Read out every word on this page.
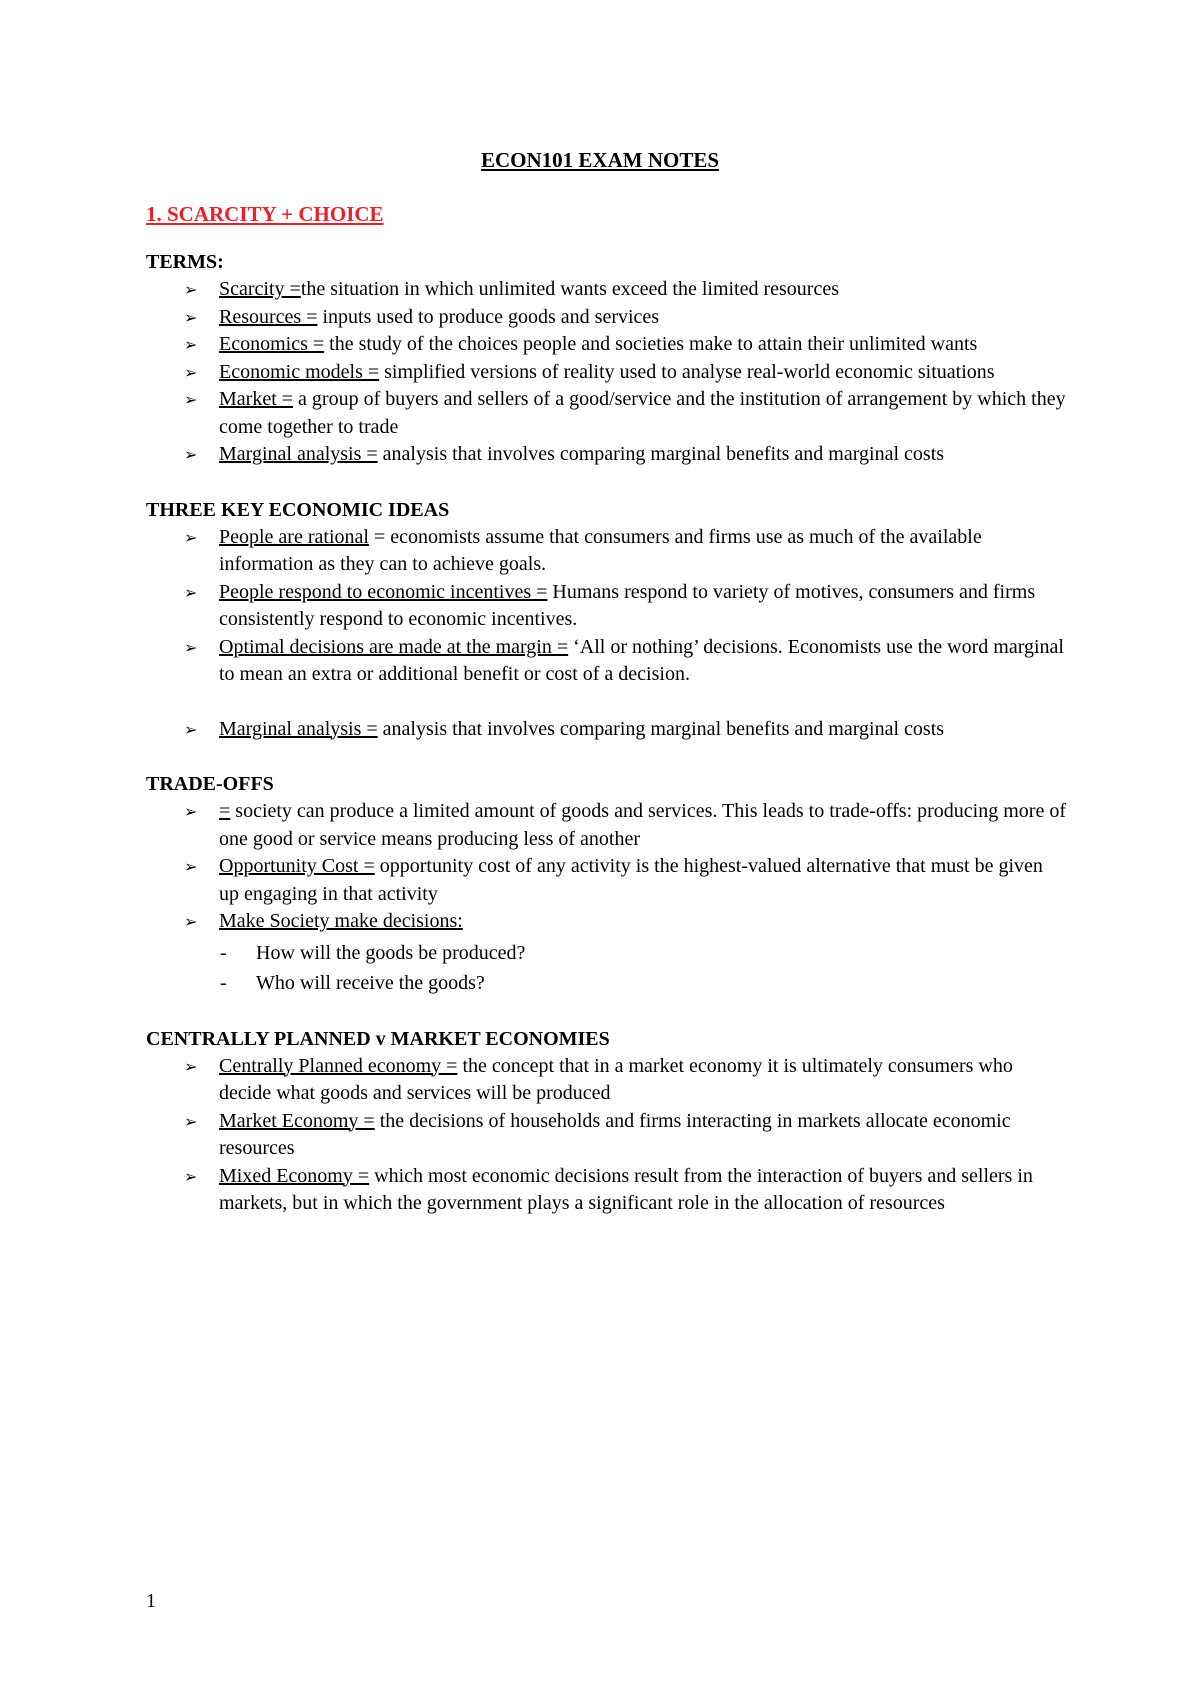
ECON101 EXAM NOTES
1. SCARCITY + CHOICE
TERMS:
➢ Scarcity =the situation in which unlimited wants exceed the limited resources
➢ Resources = inputs used to produce goods and services
➢ Economics = the study of the choices people and societies make to attain their unlimited wants
➢ Economic models = simplified versions of reality used to analyse real-world economic situations
➢ Market = a group of buyers and sellers of a good/service and the institution of arrangement by which they come together to trade
➢ Marginal analysis = analysis that involves comparing marginal benefits and marginal costs
THREE KEY ECONOMIC IDEAS
➢ People are rational = economists assume that consumers and firms use as much of the available information as they can to achieve goals.
➢ People respond to economic incentives = Humans respond to variety of motives, consumers and firms consistently respond to economic incentives.
➢ Optimal decisions are made at the margin = ‘All or nothing’ decisions. Economists use the word marginal to mean an extra or additional benefit or cost of a decision.
➢ Marginal analysis = analysis that involves comparing marginal benefits and marginal costs
TRADE-OFFS
➢ = society can produce a limited amount of goods and services. This leads to trade-offs: producing more of one good or service means producing less of another
➢ Opportunity Cost = opportunity cost of any activity is the highest-valued alternative that must be given up engaging in that activity
➢ Make Society make decisions:
- How will the goods be produced?
- Who will receive the goods?
CENTRALLY PLANNED v MARKET ECONOMIES
➢ Centrally Planned economy = the concept that in a market economy it is ultimately consumers who decide what goods and services will be produced
➢ Market Economy = the decisions of households and firms interacting in markets allocate economic resources
➢ Mixed Economy = which most economic decisions result from the interaction of buyers and sellers in markets, but in which the government plays a significant role in the allocation of resources
1
